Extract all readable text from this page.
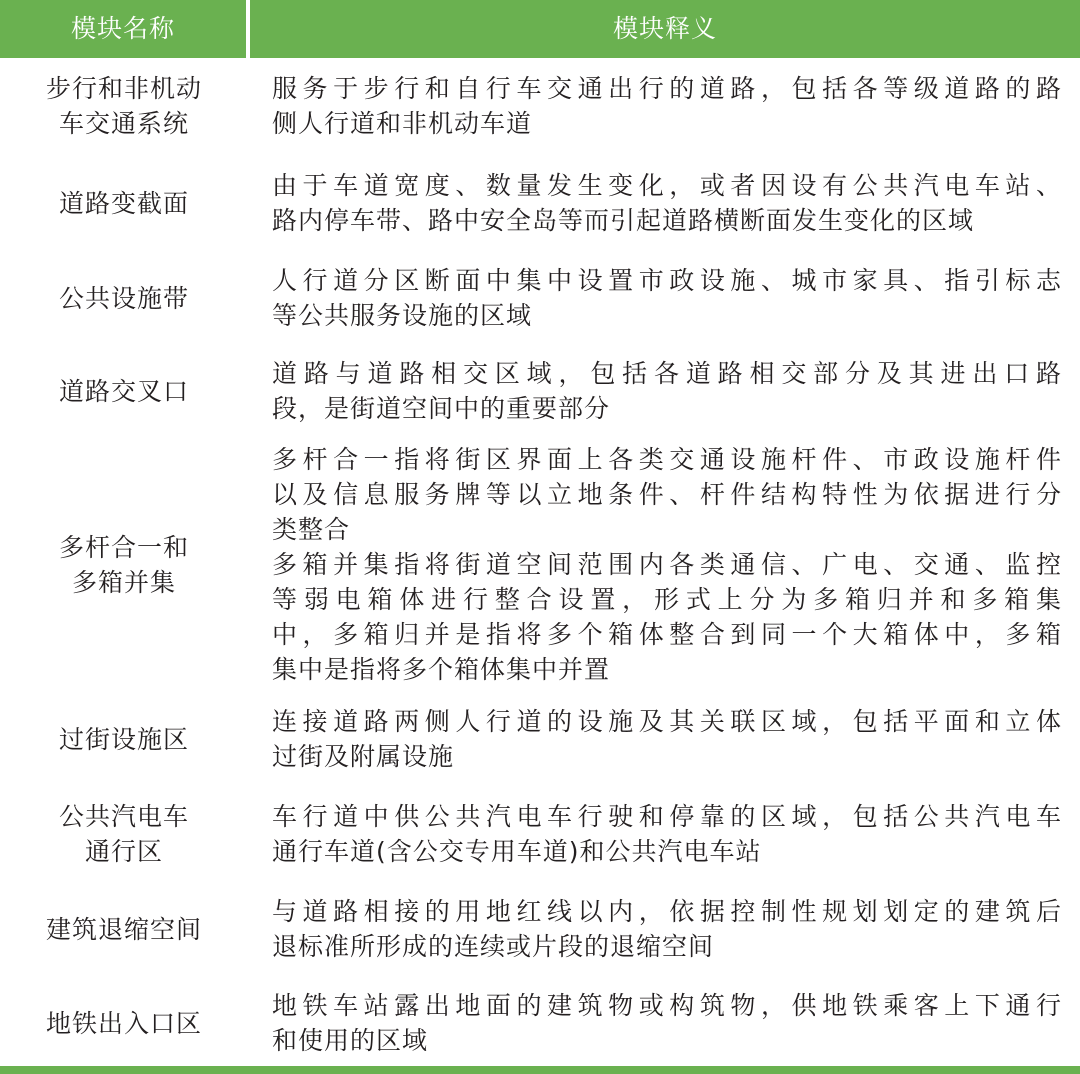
模块名称	模块释义
步行和非机动
车交通系统
服务于步行和自行车交通出行的道路，包括各等级道路的路
侧人行道和非机动车道
道路变截面
由于车道宽度、数量发生变化，或者因设有公共汽电车站、
路内停车带、路中安全岛等而引起道路横断面发生变化的区域
公共设施带
人行道分区断面中集中设置市政设施、城市家具、指引标志
等公共服务设施的区域
道路交叉口
道路与道路相交区域，包括各道路相交部分及其进出口路
段，是街道空间中的重要部分
多杆合一和
多箱并集
多杆合一指将街区界面上各类交通设施杆件、市政设施杆件
以及信息服务牌等以立地条件、杆件结构特性为依据进行分
类整合
多箱并集指将街道空间范围内各类通信、广电、交通、监控
等弱电箱体进行整合设置，形式上分为多箱归并和多箱集
中，多箱归并是指将多个箱体整合到同一个大箱体中，多箱
集中是指将多个箱体集中并置
过街设施区
连接道路两侧人行道的设施及其关联区域，包括平面和立体
过街及附属设施
公共汽电车
通行区
车行道中供公共汽电车行驶和停靠的区域，包括公共汽电车
通行车道(含公交专用车道)和公共汽电车站
建筑退缩空间
与道路相接的用地红线以内，依据控制性规划划定的建筑后
退标准所形成的连续或片段的退缩空间
地铁出入口区
地铁车站露出地面的建筑物或构筑物，供地铁乘客上下通行
和使用的区域
